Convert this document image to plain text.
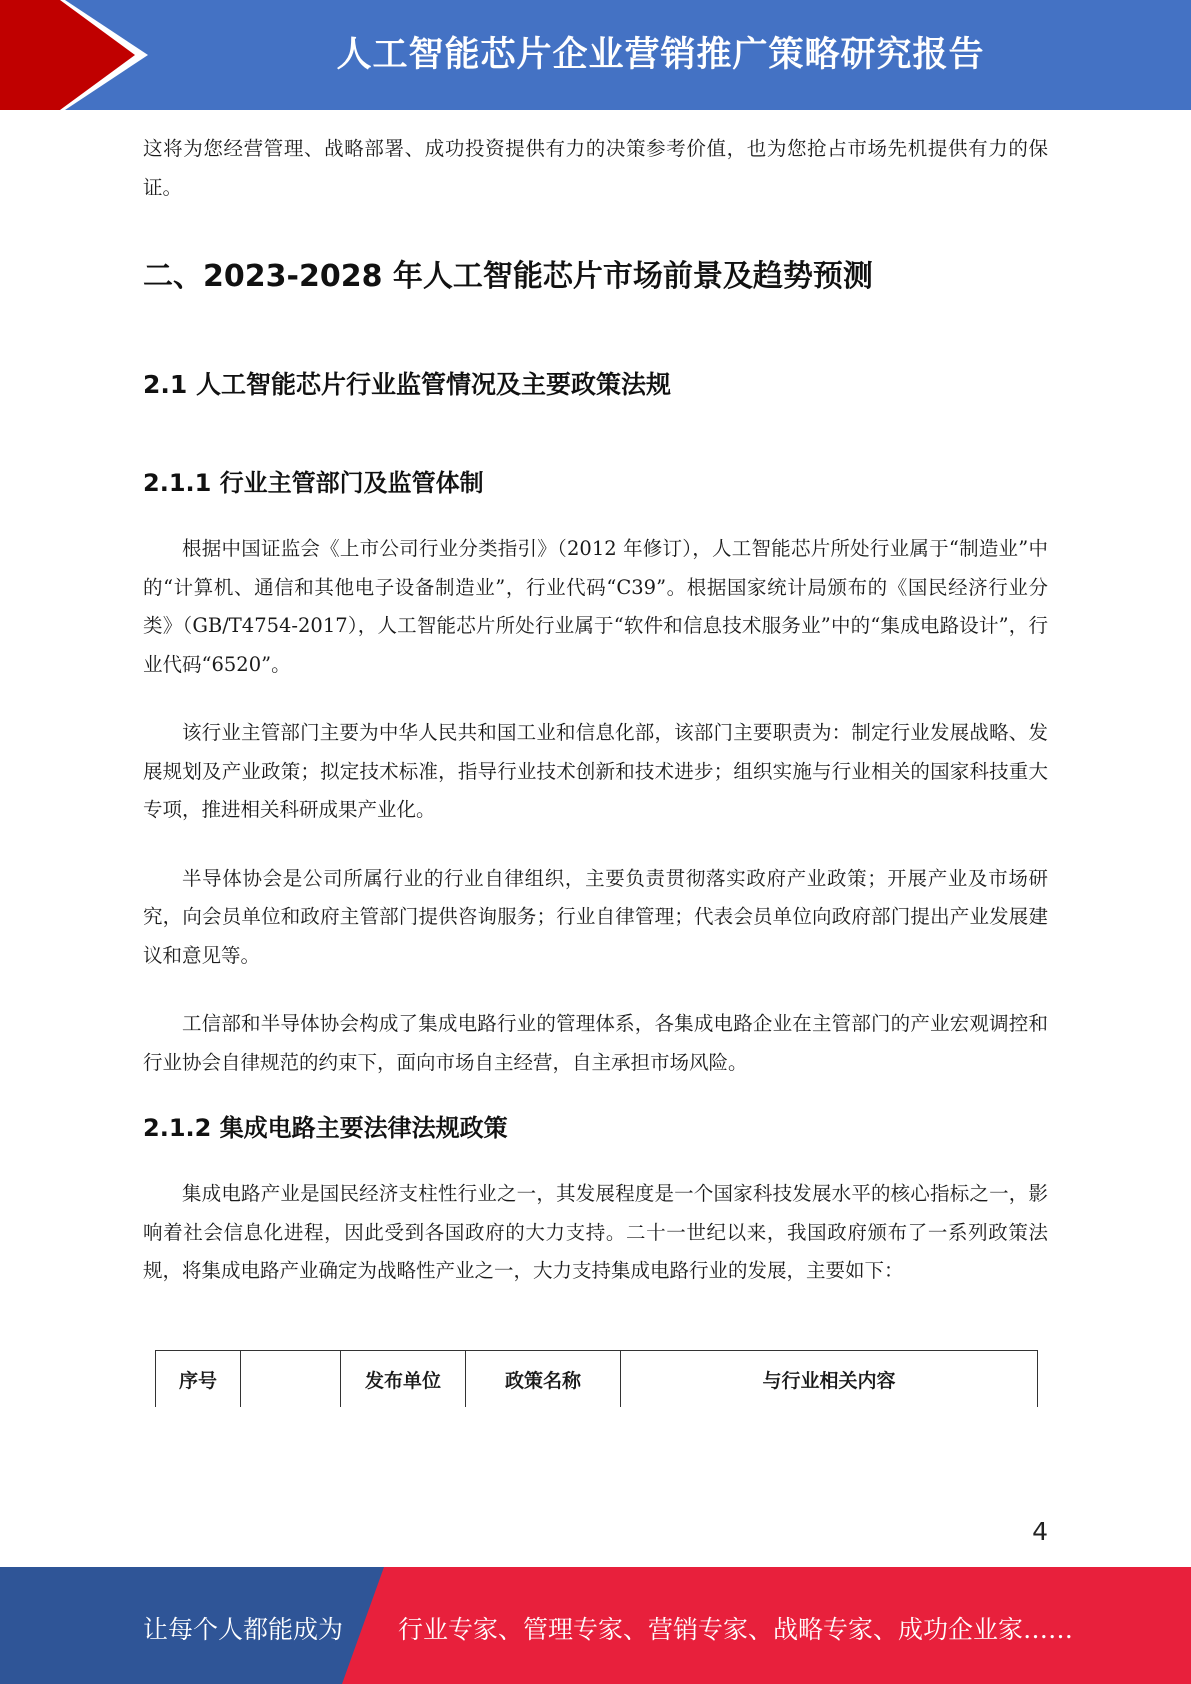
人工智能芯片企业营销推广策略研究报告

这将为您经营管理、战略部署、成功投资提供有力的决策参考价值，也为您抢占市场先机提供有力的保证。

二、2023-2028 年人工智能芯片市场前景及趋势预测
2.1 人工智能芯片行业监管情况及主要政策法规
2.1.1 行业主管部门及监管体制

根据中国证监会《上市公司行业分类指引》（2012 年修订），人工智能芯片所处行业属于“制造业”中的“计算机、通信和其他电子设备制造业”，行业代码“C39”。根据国家统计局颁布的《国民经济行业分类》（GB/T4754-2017），人工智能芯片所处行业属于“软件和信息技术服务业”中的“集成电路设计”，行业代码“6520”。

该行业主管部门主要为中华人民共和国工业和信息化部，该部门主要职责为：制定行业发展战略、发展规划及产业政策；拟定技术标准，指导行业技术创新和技术进步；组织实施与行业相关的国家科技重大专项，推进相关科研成果产业化。

半导体协会是公司所属行业的行业自律组织，主要负责贯彻落实政府产业政策；开展产业及市场研究，向会员单位和政府主管部门提供咨询服务；行业自律管理；代表会员单位向政府部门提出产业发展建议和意见等。

工信部和半导体协会构成了集成电路行业的管理体系，各集成电路企业在主管部门的产业宏观调控和行业协会自律规范的约束下，面向市场自主经营，自主承担市场风险。

2.1.2 集成电路主要法律法规政策

集成电路产业是国民经济支柱性行业之一，其发展程度是一个国家科技发展水平的核心指标之一，影响着社会信息化进程，因此受到各国政府的大力支持。二十一世纪以来，我国政府颁布了一系列政策法规，将集成电路产业确定为战略性产业之一，大力支持集成电路行业的发展，主要如下：

序号		发布单位	政策名称	与行业相关内容
4
让每个人都能成为 行业专家、管理专家、营销专家、战略专家、成功企业家……
